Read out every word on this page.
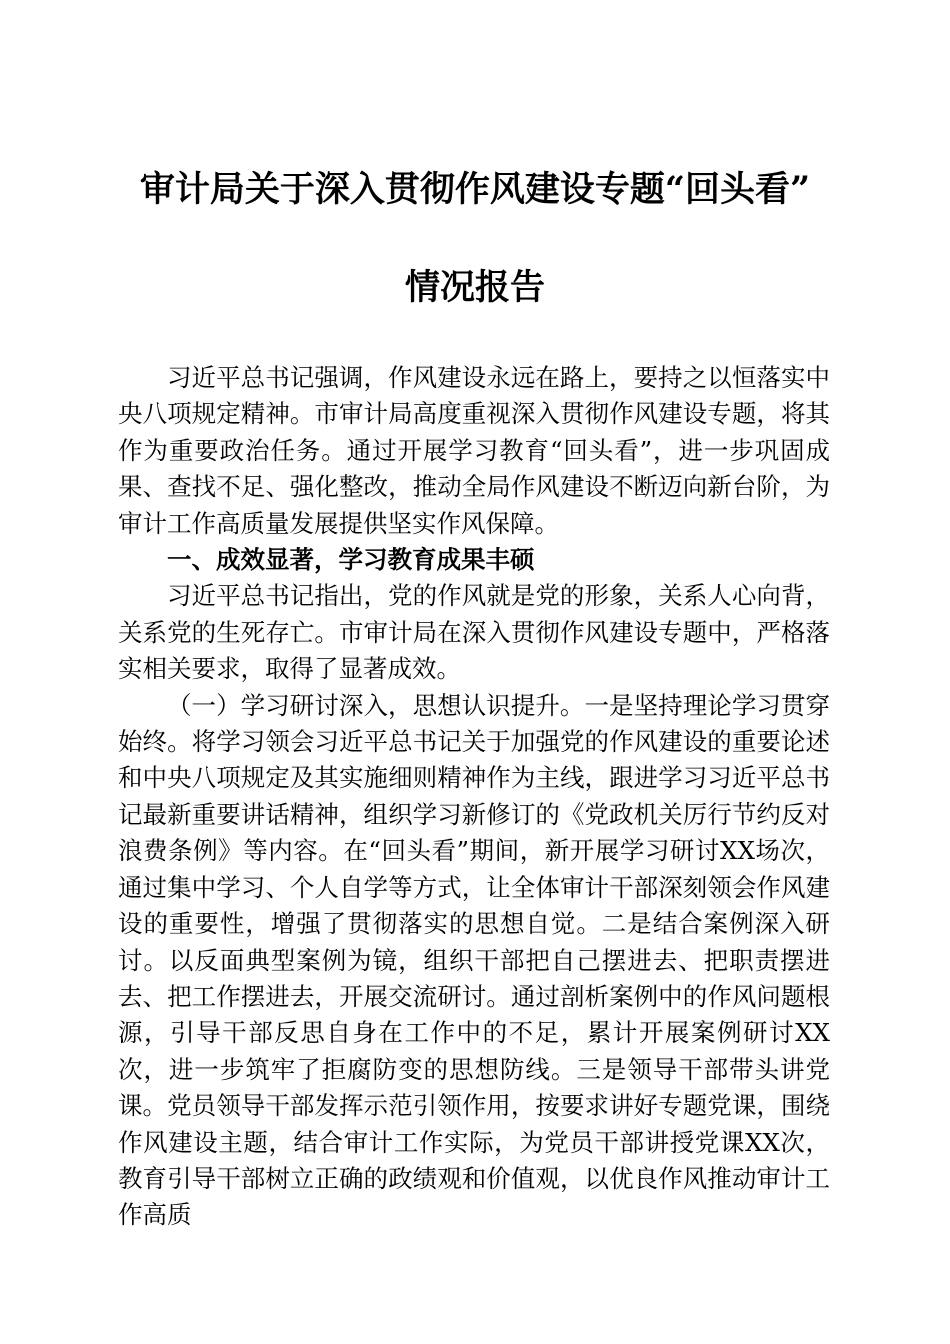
审计局关于深入贯彻作风建设专题“回头看”
情况报告

习近平总书记强调，作风建设永远在路上，要持之以恒落实中央八项规定精神。市审计局高度重视深入贯彻作风建设专题，将其作为重要政治任务。通过开展学习教育“回头看”，进一步巩固成果、查找不足、强化整改，推动全局作风建设不断迈向新台阶，为审计工作高质量发展提供坚实作风保障。

一、成效显著，学习教育成果丰硕

习近平总书记指出，党的作风就是党的形象，关系人心向背，关系党的生死存亡。市审计局在深入贯彻作风建设专题中，严格落实相关要求，取得了显著成效。

（一）学习研讨深入，思想认识提升。一是坚持理论学习贯穿始终。将学习领会习近平总书记关于加强党的作风建设的重要论述和中央八项规定及其实施细则精神作为主线，跟进学习习近平总书记最新重要讲话精神，组织学习新修订的《党政机关厉行节约反对浪费条例》等内容。在“回头看”期间，新开展学习研讨XX场次，通过集中学习、个人自学等方式，让全体审计干部深刻领会作风建设的重要性，增强了贯彻落实的思想自觉。二是结合案例深入研讨。以反面典型案例为镜，组织干部把自己摆进去、把职责摆进去、把工作摆进去，开展交流研讨。通过剖析案例中的作风问题根源，引导干部反思自身在工作中的不足，累计开展案例研讨XX次，进一步筑牢了拒腐防变的思想防线。三是领导干部带头讲党课。党员领导干部发挥示范引领作用，按要求讲好专题党课，围绕作风建设主题，结合审计工作实际，为党员干部讲授党课XX次，教育引导干部树立正确的政绩观和价值观，以优良作风推动审计工作高质
